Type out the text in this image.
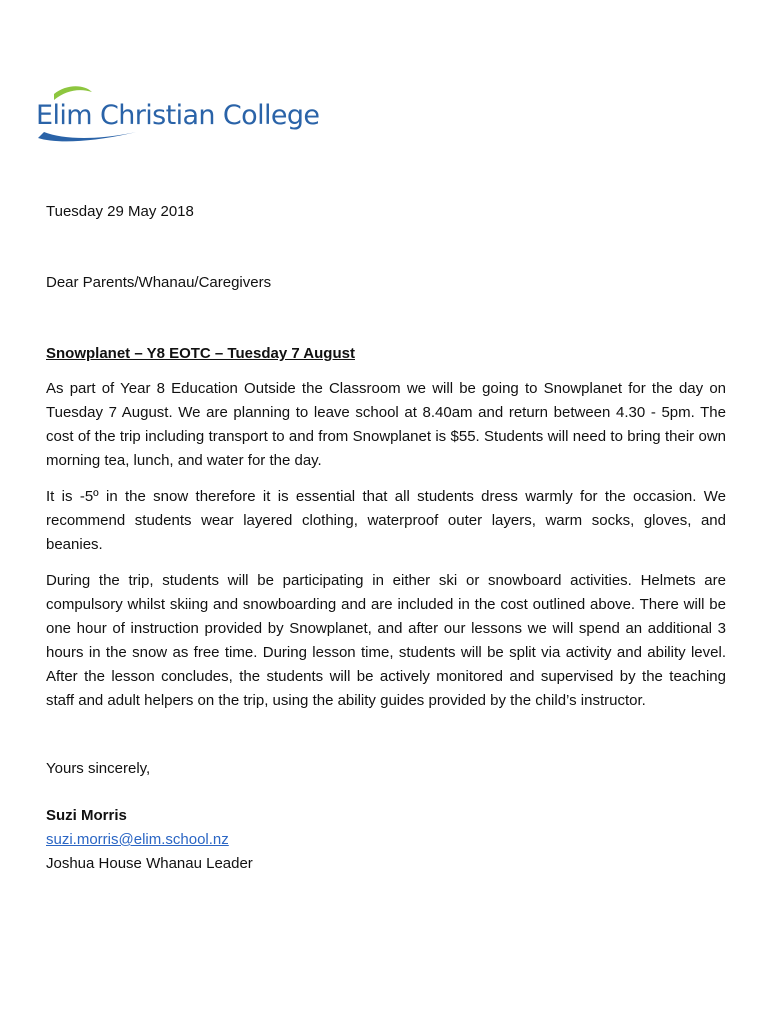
Elim Christian College

Tuesday 29 May 2018

Dear Parents/Whanau/Caregivers

Snowplanet – Y8 EOTC – Tuesday 7 August

As part of Year 8 Education Outside the Classroom we will be going to Snowplanet for the day on Tuesday 7 August. We are planning to leave school at 8.40am and return between 4.30 - 5pm. The cost of the trip including transport to and from Snowplanet is $55. Students will need to bring their own morning tea, lunch, and water for the day.

It is -5º in the snow therefore it is essential that all students dress warmly for the occasion. We recommend students wear layered clothing, waterproof outer layers, warm socks, gloves, and beanies.

During the trip, students will be participating in either ski or snowboard activities. Helmets are compulsory whilst skiing and snowboarding and are included in the cost outlined above. There will be one hour of instruction provided by Snowplanet, and after our lessons we will spend an additional 3 hours in the snow as free time. During lesson time, students will be split via activity and ability level. After the lesson concludes, the students will be actively monitored and supervised by the teaching staff and adult helpers on the trip, using the ability guides provided by the child’s instructor.

Yours sincerely,

Suzi Morris

suzi.morris@elim.school.nz

Joshua House Whanau Leader
